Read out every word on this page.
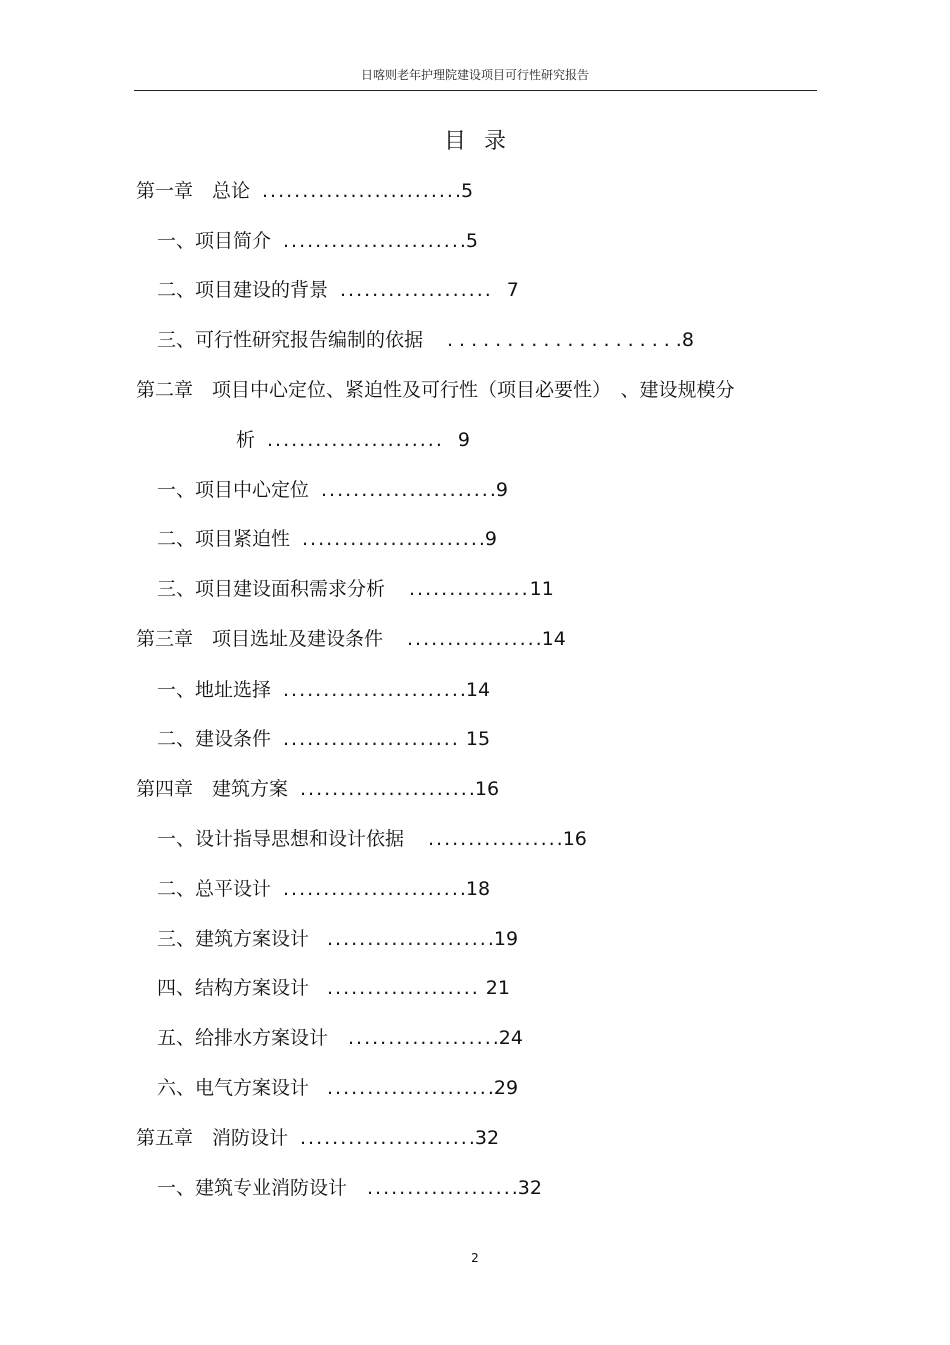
日喀则老年护理院建设项目可行性研究报告
目录
第一章　总论 .........................5
一、项目简介 .......................5
二、项目建设的背景 ................... 7
三、可行性研究报告编制的依据 ....................8
第二章　项目中心定位、紧迫性及可行性（项目必要性）　、建设规模分
析 ...................... 9
一、项目中心定位 ......................9
二、项目紧迫性 .......................9
三、项目建设面积需求分析 ...............11
第三章　项目选址及建设条件 .................14
一、地址选择 .......................14
二、建设条件 ...................... 15
第四章　建筑方案 ......................16
一、设计指导思想和设计依据 .................16
二、总平设计 .......................18
三、建筑方案设计 .....................19
四、结构方案设计 ................... 21
五、给排水方案设计 ...................24
六、电气方案设计 .....................29
第五章　消防设计 ......................32
一、建筑专业消防设计 ...................32
2
